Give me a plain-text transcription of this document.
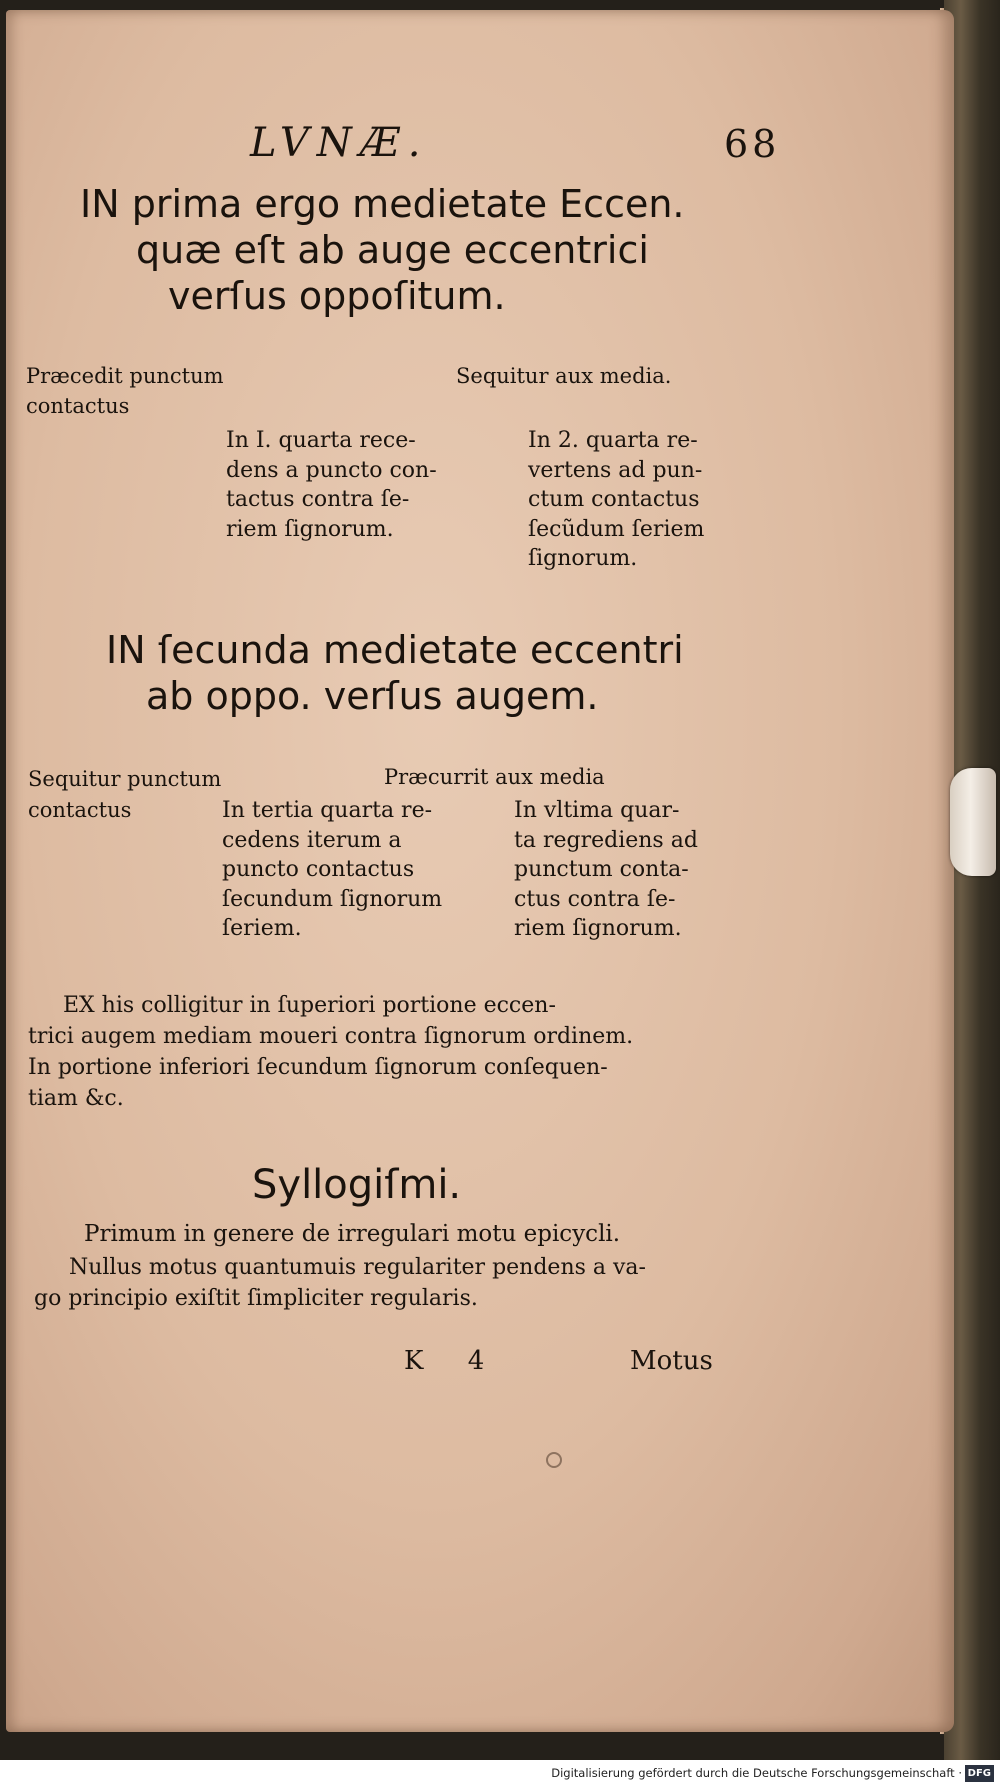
LVNÆ.	68
IN prima ergo medietate Eccen.
quæ eſt ab auge eccentrici
verſus oppoſitum.
Præcedit punctum
contactus
Sequitur aux media.
In I. quarta rece-
dens a puncto con-
tactus contra ſe-
riem ſignorum.
In 2. quarta re-
vertens ad pun-
ctum contactus
ſecũdum ſeriem
ſignorum.
IN ſecunda medietate eccentri
ab oppo. verſus augem.
Sequitur punctum
contactus
Præcurrit aux media
In tertia quarta re-
cedens iterum a
puncto contactus
ſecundum ſignorum
ſeriem.
In vltima quar-
ta regrediens ad
punctum conta-
ctus contra ſe-
riem ſignorum.
EX his colligitur in ſuperiori portione eccen-
trici augem mediam moueri contra ſignorum ordinem.
In portione inferiori ſecundum ſignorum conſequen-
tiam &c.
Syllogiſmi.
Primum in genere de irregulari motu epicycli.
Nullus motus quantumuis regulariter pendens a va-
go principio exiſtit ſimpliciter regularis.
K 4	Motus
Digitalisierung gefördert durch die Deutsche Forschungsgemeinschaft · DFG
